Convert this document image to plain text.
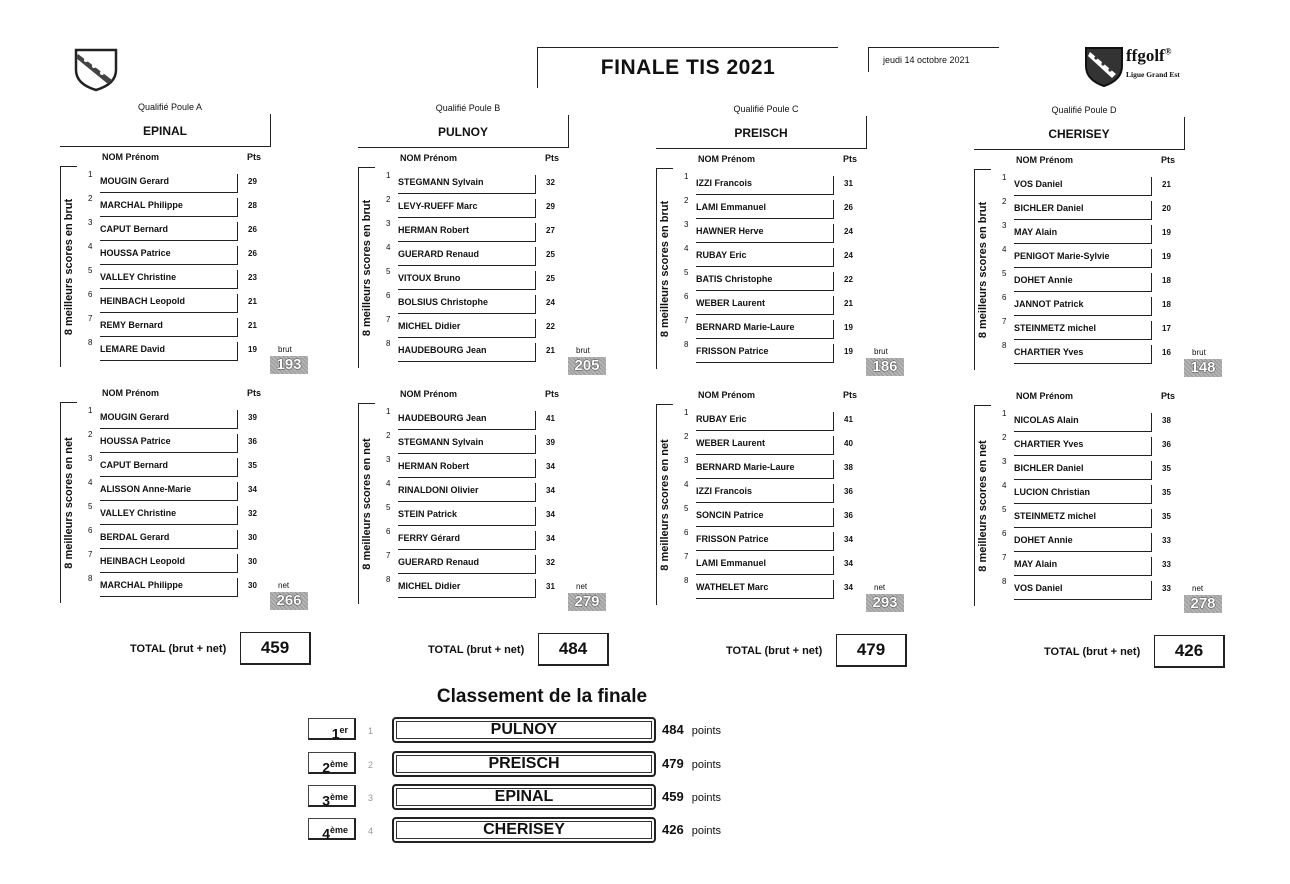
FINALE TIS 2021	jeudi 14 octobre 2021	ffgolf®
Ligue Grand Est
Qualifié Poule A
EPINAL
NOM Prénom	Pts
8 meilleurs scores en brut
1
MOUGIN Gerard	29
2
MARCHAL Philippe	28
3
CAPUT Bernard	26
4
HOUSSA Patrice	26
5
VALLEY Christine	23
6
HEINBACH Leopold	21
7
REMY Bernard	21
8
LEMARE David	19	brut
193
NOM Prénom	Pts
8 meilleurs scores en net
1
MOUGIN Gerard	39
2
HOUSSA Patrice	36
3
CAPUT Bernard	35
4
ALISSON Anne-Marie	34
5
VALLEY Christine	32
6
BERDAL Gerard	30
7
HEINBACH Leopold	30
8
MARCHAL Philippe	30	net
266
TOTAL (brut + net)	459
Qualifié Poule B
PULNOY
NOM Prénom	Pts
8 meilleurs scores en brut
1
STEGMANN Sylvain	32
2
LEVY-RUEFF Marc	29
3
HERMAN Robert	27
4
GUERARD Renaud	25
5
VITOUX Bruno	25
6
BOLSIUS Christophe	24
7
MICHEL Didier	22
8
HAUDEBOURG Jean	21	brut
205
NOM Prénom	Pts
8 meilleurs scores en net
1
HAUDEBOURG Jean	41
2
STEGMANN Sylvain	39
3
HERMAN Robert	34
4
RINALDONI Olivier	34
5
STEIN Patrick	34
6
FERRY Gérard	34
7
GUERARD Renaud	32
8
MICHEL Didier	31	net
279
TOTAL (brut + net)	484
Qualifié Poule C
PREISCH
NOM Prénom	Pts
8 meilleurs scores en brut
1
IZZI Francois	31
2
LAMI Emmanuel	26
3
HAWNER Herve	24
4
RUBAY Eric	24
5
BATIS Christophe	22
6
WEBER Laurent	21
7
BERNARD Marie-Laure	19
8
FRISSON Patrice	19	brut
186
NOM Prénom	Pts
8 meilleurs scores en net
1
RUBAY Eric	41
2
WEBER Laurent	40
3
BERNARD Marie-Laure	38
4
IZZI Francois	36
5
SONCIN Patrice	36
6
FRISSON Patrice	34
7
LAMI Emmanuel	34
8
WATHELET Marc	34	net
293
TOTAL (brut + net)	479
Qualifié Poule D
CHERISEY
NOM Prénom	Pts
8 meilleurs scores en brut
1
VOS Daniel	21
2
BICHLER Daniel	20
3
MAY Alain	19
4
PENIGOT Marie-Sylvie	19
5
DOHET Annie	18
6
JANNOT Patrick	18
7
STEINMETZ michel	17
8
CHARTIER Yves	16	brut
148
NOM Prénom	Pts
8 meilleurs scores en net
1
NICOLAS Alain	38
2
CHARTIER Yves	36
3
BICHLER Daniel	35
4
LUCION Christian	35
5
STEINMETZ michel	35
6
DOHET Annie	33
7
MAY Alain	33
8
VOS Daniel	33	net
278
TOTAL (brut + net)	426
Classement de la finale
1er	1	PULNOY	484 points
2ème	2	PREISCH	479 points
3ème	3	EPINAL	459 points
4ème	4	CHERISEY	426 points
